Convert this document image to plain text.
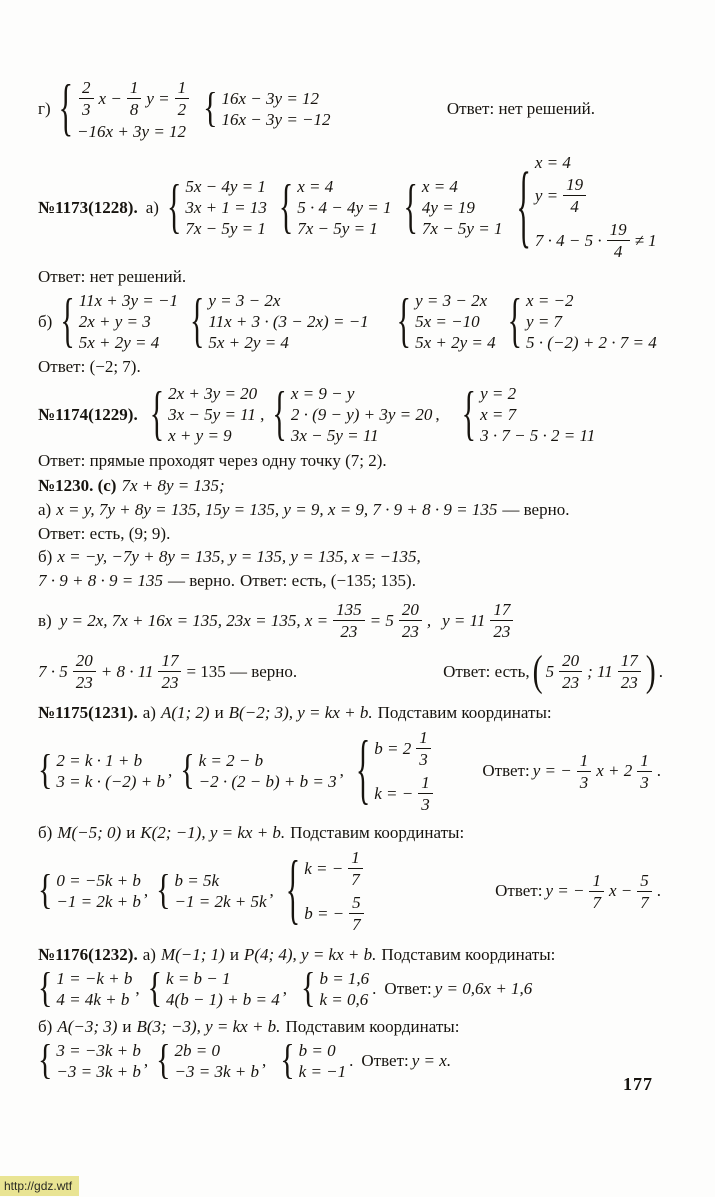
г) { $\frac{2}{3}$ $x - \frac{1}{8}$ $y = \frac{1}{2}$
−16x + 3y = 12
{ 16x − 3y = 12
16x − 3y = −12
Ответ: нет решений.
№1173(1228). а) { 5x − 4y = 1
3x + 1 = 13
7x − 5y = 1 { x = 4
5 · 4 − 4y = 1
7x − 5y = 1 { x = 4
4y = 19
7x − 5y = 1 { x = 4
$y = \frac{19}{4}$
$7 \cdot 4 - 5 \cdot \frac{19}{4} \ne 1$
Ответ: нет решений.
б) { 11x + 3y = −1
2x + y = 3
5x + 2y = 4	{ y = 3 − 2x
11x + 3 · (3 − 2x) = −1
5x + 2y = 4	{ y = 3 − 2x
5x = −10
5x + 2y = 4 { x = −2
y = 7
5 · (−2) + 2 · 7 = 4
Ответ: (−2; 7).
№1174(1229). { 2x + 3y = 20
3x − 5y = 11
x + y = 9
, { x = 9 − y
2 · (9 − y) + 3y = 20
3x − 5y = 11
, { y = 2
x = 7
3 · 7 − 5 · 2 = 11
Ответ: прямые проходят через одну точку (7; 2).
№1230. (с) 7x + 8y = 135;
а) x = y, 7y + 8y = 135, 15y = 135, y = 9, x = 9, 7 · 9 + 8 · 9 = 135 — верно.
Ответ: есть, (9; 9).
б) x = −y, −7y + 8y = 135, y = 135, y = 135, x = −135,
7 · 9 + 8 · 9 = 135 — верно. Ответ: есть, (−135; 135).
в) y = 2x, 7x + 16x = 135, 23x = 135, $x = \frac{135}{23} = 5 \frac{20}{23}$ , $y = 11 \frac{17}{23}$
$7 \cdot 5 \frac{20}{23} + 8 \cdot 11 \frac{17}{23} = 135$ — верно.	Ответ: есть, ( $5 \frac{20}{23}$ ; $11 \frac{17}{23}$ ) .
№1175(1231). а) A(1; 2) и B(−2; 3), y = kx + b. Подставим координаты:
{ 2 = k · 1 + b
3 = k · (−2) + b
, { k = 2 − b
−2 · (2 − b) + b = 3
, { $b = 2 \frac{1}{3}$
k = − $\frac{1}{3}$
Ответ: y = − $\frac{1}{3}$ $x + 2 \frac{1}{3}$ .
б) M(−5; 0) и K(2; −1), y = kx + b. Подставим координаты:
{ 0 = −5k + b
−1 = 2k + b
, { b = 5k
−1 = 2k + 5k
, { k = − $\frac{1}{7}$
b = − $\frac{5}{7}$
Ответ: y = − $\frac{1}{7}$ $x - \frac{5}{7}$ .
№1176(1232). а) M(−1; 1) и P(4; 4), y = kx + b. Подставим координаты:
{ 1 = −k + b
4 = 4k + b
, { k = b − 1
4(b − 1) + b = 4
, { b = 1,6
k = 0,6
. Ответ: y = 0,6x + 1,6
б) A(−3; 3) и B(3; −3), y = kx + b. Подставим координаты:
{ 3 = −3k + b
−3 = 3k + b
, { 2b = 0
−3 = 3k + b
, { b = 0
k = −1
. Ответ: y = x.
177
http://gdz.wtf
